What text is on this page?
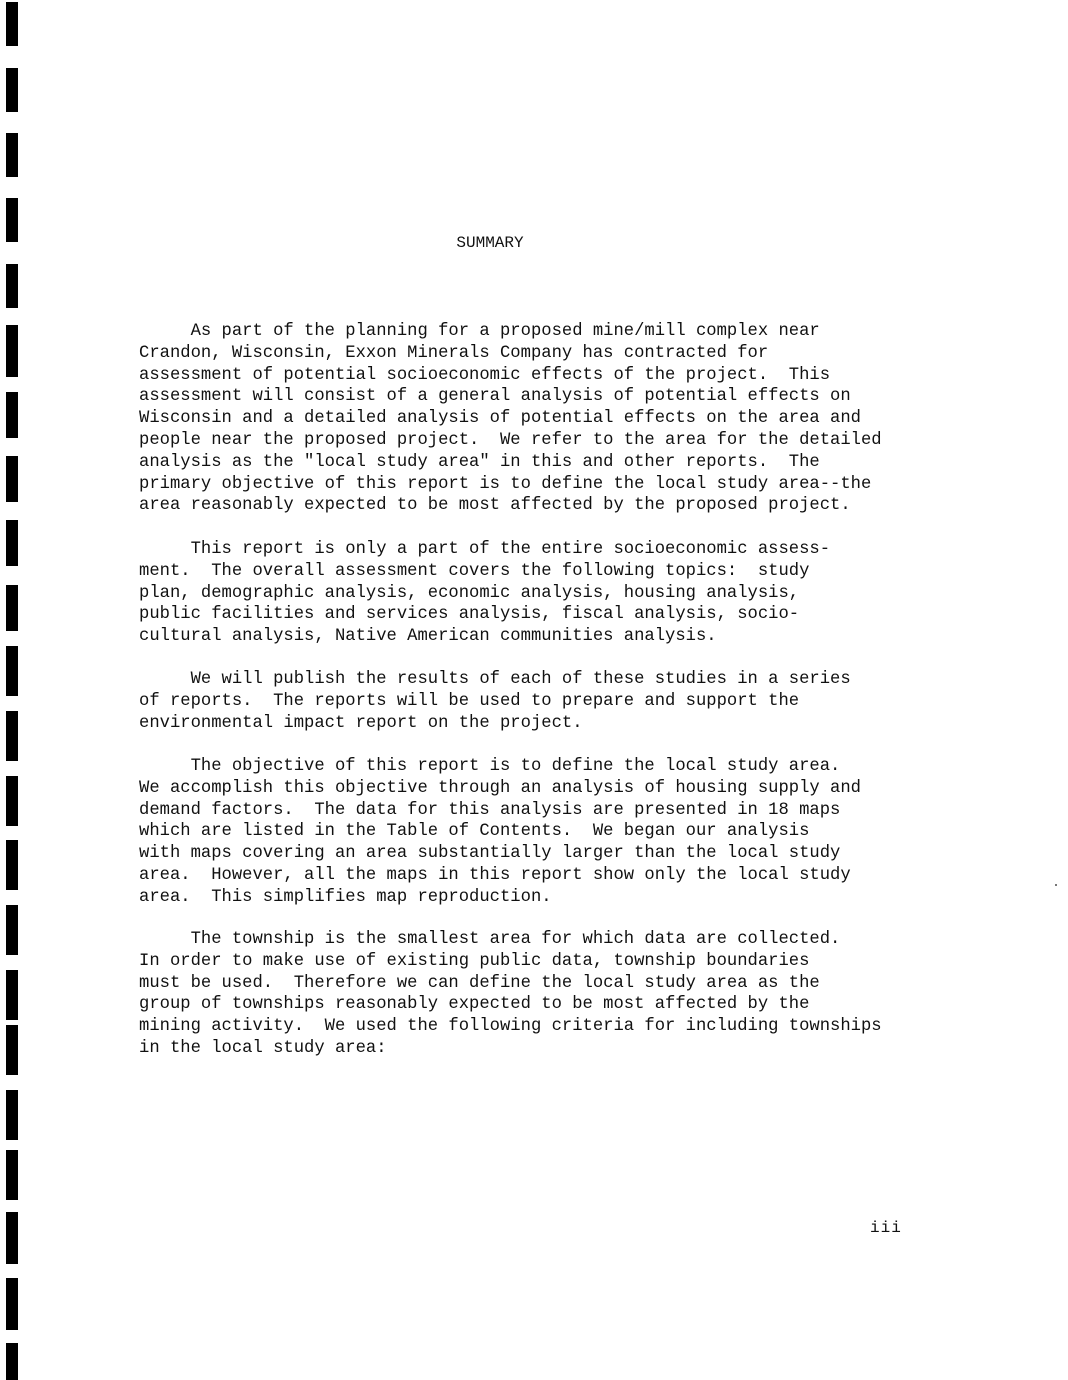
SUMMARY

As part of the planning for a proposed mine/mill complex near
Crandon, Wisconsin, Exxon Minerals Company has contracted for
assessment of potential socioeconomic effects of the project.  This
assessment will consist of a general analysis of potential effects on
Wisconsin and a detailed analysis of potential effects on the area and
people near the proposed project.  We refer to the area for the detailed
analysis as the "local study area" in this and other reports.  The
primary objective of this report is to define the local study area--the
area reasonably expected to be most affected by the proposed project.

This report is only a part of the entire socioeconomic assess-
ment.  The overall assessment covers the following topics:  study
plan, demographic analysis, economic analysis, housing analysis,
public facilities and services analysis, fiscal analysis, socio-
cultural analysis, Native American communities analysis.

We will publish the results of each of these studies in a series
of reports.  The reports will be used to prepare and support the
environmental impact report on the project.

The objective of this report is to define the local study area.
We accomplish this objective through an analysis of housing supply and
demand factors.  The data for this analysis are presented in 18 maps
which are listed in the Table of Contents.  We began our analysis
with maps covering an area substantially larger than the local study
area.  However, all the maps in this report show only the local study
area.  This simplifies map reproduction.

The township is the smallest area for which data are collected.
In order to make use of existing public data, township boundaries
must be used.  Therefore we can define the local study area as the
group of townships reasonably expected to be most affected by the
mining activity.  We used the following criteria for including townships
in the local study area:

iii
